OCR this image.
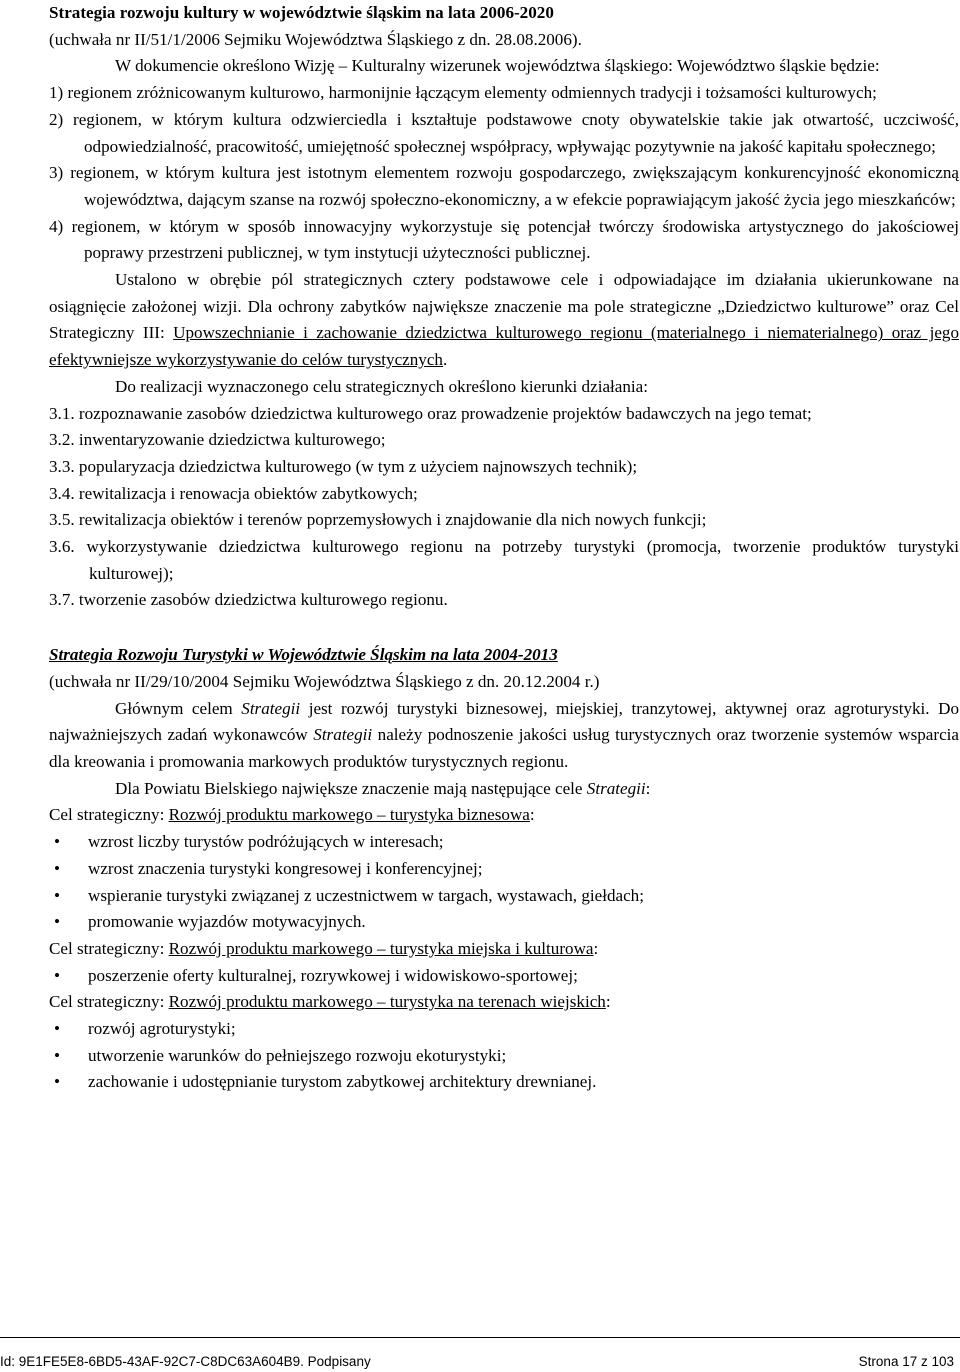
Strategia rozwoju kultury w województwie śląskim na lata 2006-2020

(uchwała nr II/51/1/2006 Sejmiku Województwa Śląskiego z dn. 28.08.2006).

W dokumencie określono Wizję – Kulturalny wizerunek województwa śląskiego: Województwo śląskie będzie:

1) regionem zróżnicowanym kulturowo, harmonijnie łączącym elementy odmiennych tradycji i tożsamości kulturowych;

2) regionem, w którym kultura odzwierciedla i kształtuje podstawowe cnoty obywatelskie takie jak otwartość, uczciwość, odpowiedzialność, pracowitość, umiejętność społecznej współpracy, wpływając pozytywnie na jakość kapitału społecznego;

3) regionem, w którym kultura jest istotnym elementem rozwoju gospodarczego, zwiększającym konkurencyjność ekonomiczną województwa, dającym szanse na rozwój społeczno-ekonomiczny, a w efekcie poprawiającym jakość życia jego mieszkańców;

4) regionem, w którym w sposób innowacyjny wykorzystuje się potencjał twórczy środowiska artystycznego do jakościowej poprawy przestrzeni publicznej, w tym instytucji użyteczności publicznej.

Ustalono w obrębie pól strategicznych cztery podstawowe cele i odpowiadające im działania ukierunkowane na osiągnięcie założonej wizji. Dla ochrony zabytków największe znaczenie ma pole strategiczne „Dziedzictwo kulturowe” oraz Cel Strategiczny III: Upowszechnianie i zachowanie dziedzictwa kulturowego regionu (materialnego i niematerialnego) oraz jego efektywniejsze wykorzystywanie do celów turystycznych.

Do realizacji wyznaczonego celu strategicznych określono kierunki działania:

3.1. rozpoznawanie zasobów dziedzictwa kulturowego oraz prowadzenie projektów badawczych na jego temat;

3.2. inwentaryzowanie dziedzictwa kulturowego;

3.3. popularyzacja dziedzictwa kulturowego (w tym z użyciem najnowszych technik);

3.4. rewitalizacja i renowacja obiektów zabytkowych;

3.5. rewitalizacja obiektów i terenów poprzemysłowych i znajdowanie dla nich nowych funkcji;

3.6. wykorzystywanie dziedzictwa kulturowego regionu na potrzeby turystyki (promocja, tworzenie produktów turystyki kulturowej);

3.7. tworzenie zasobów dziedzictwa kulturowego regionu.

Strategia Rozwoju Turystyki w Województwie Śląskim na lata 2004-2013

(uchwała nr II/29/10/2004 Sejmiku Województwa Śląskiego z dn. 20.12.2004 r.)

Głównym celem Strategii jest rozwój turystyki biznesowej, miejskiej, tranzytowej, aktywnej oraz agroturystyki. Do najważniejszych zadań wykonawców Strategii należy podnoszenie jakości usług turystycznych oraz tworzenie systemów wsparcia dla kreowania i promowania markowych produktów turystycznych regionu.

Dla Powiatu Bielskiego największe znaczenie mają następujące cele Strategii:

Cel strategiczny: Rozwój produktu markowego – turystyka biznesowa:

• wzrost liczby turystów podróżujących w interesach;
• wzrost znaczenia turystyki kongresowej i konferencyjnej;
• wspieranie turystyki związanej z uczestnictwem w targach, wystawach, giełdach;
• promowanie wyjazdów motywacyjnych.

Cel strategiczny: Rozwój produktu markowego – turystyka miejska i kulturowa:

• poszerzenie oferty kulturalnej, rozrywkowej i widowiskowo-sportowej;

Cel strategiczny: Rozwój produktu markowego – turystyka na terenach wiejskich:

• rozwój agroturystyki;
• utworzenie warunków do pełniejszego rozwoju ekoturystyki;
• zachowanie i udostępnianie turystom zabytkowej architektury drewnianej.
Id: 9E1FE5E8-6BD5-43AF-92C7-C8DC63A604B9. Podpisany	Strona 17 z 103
